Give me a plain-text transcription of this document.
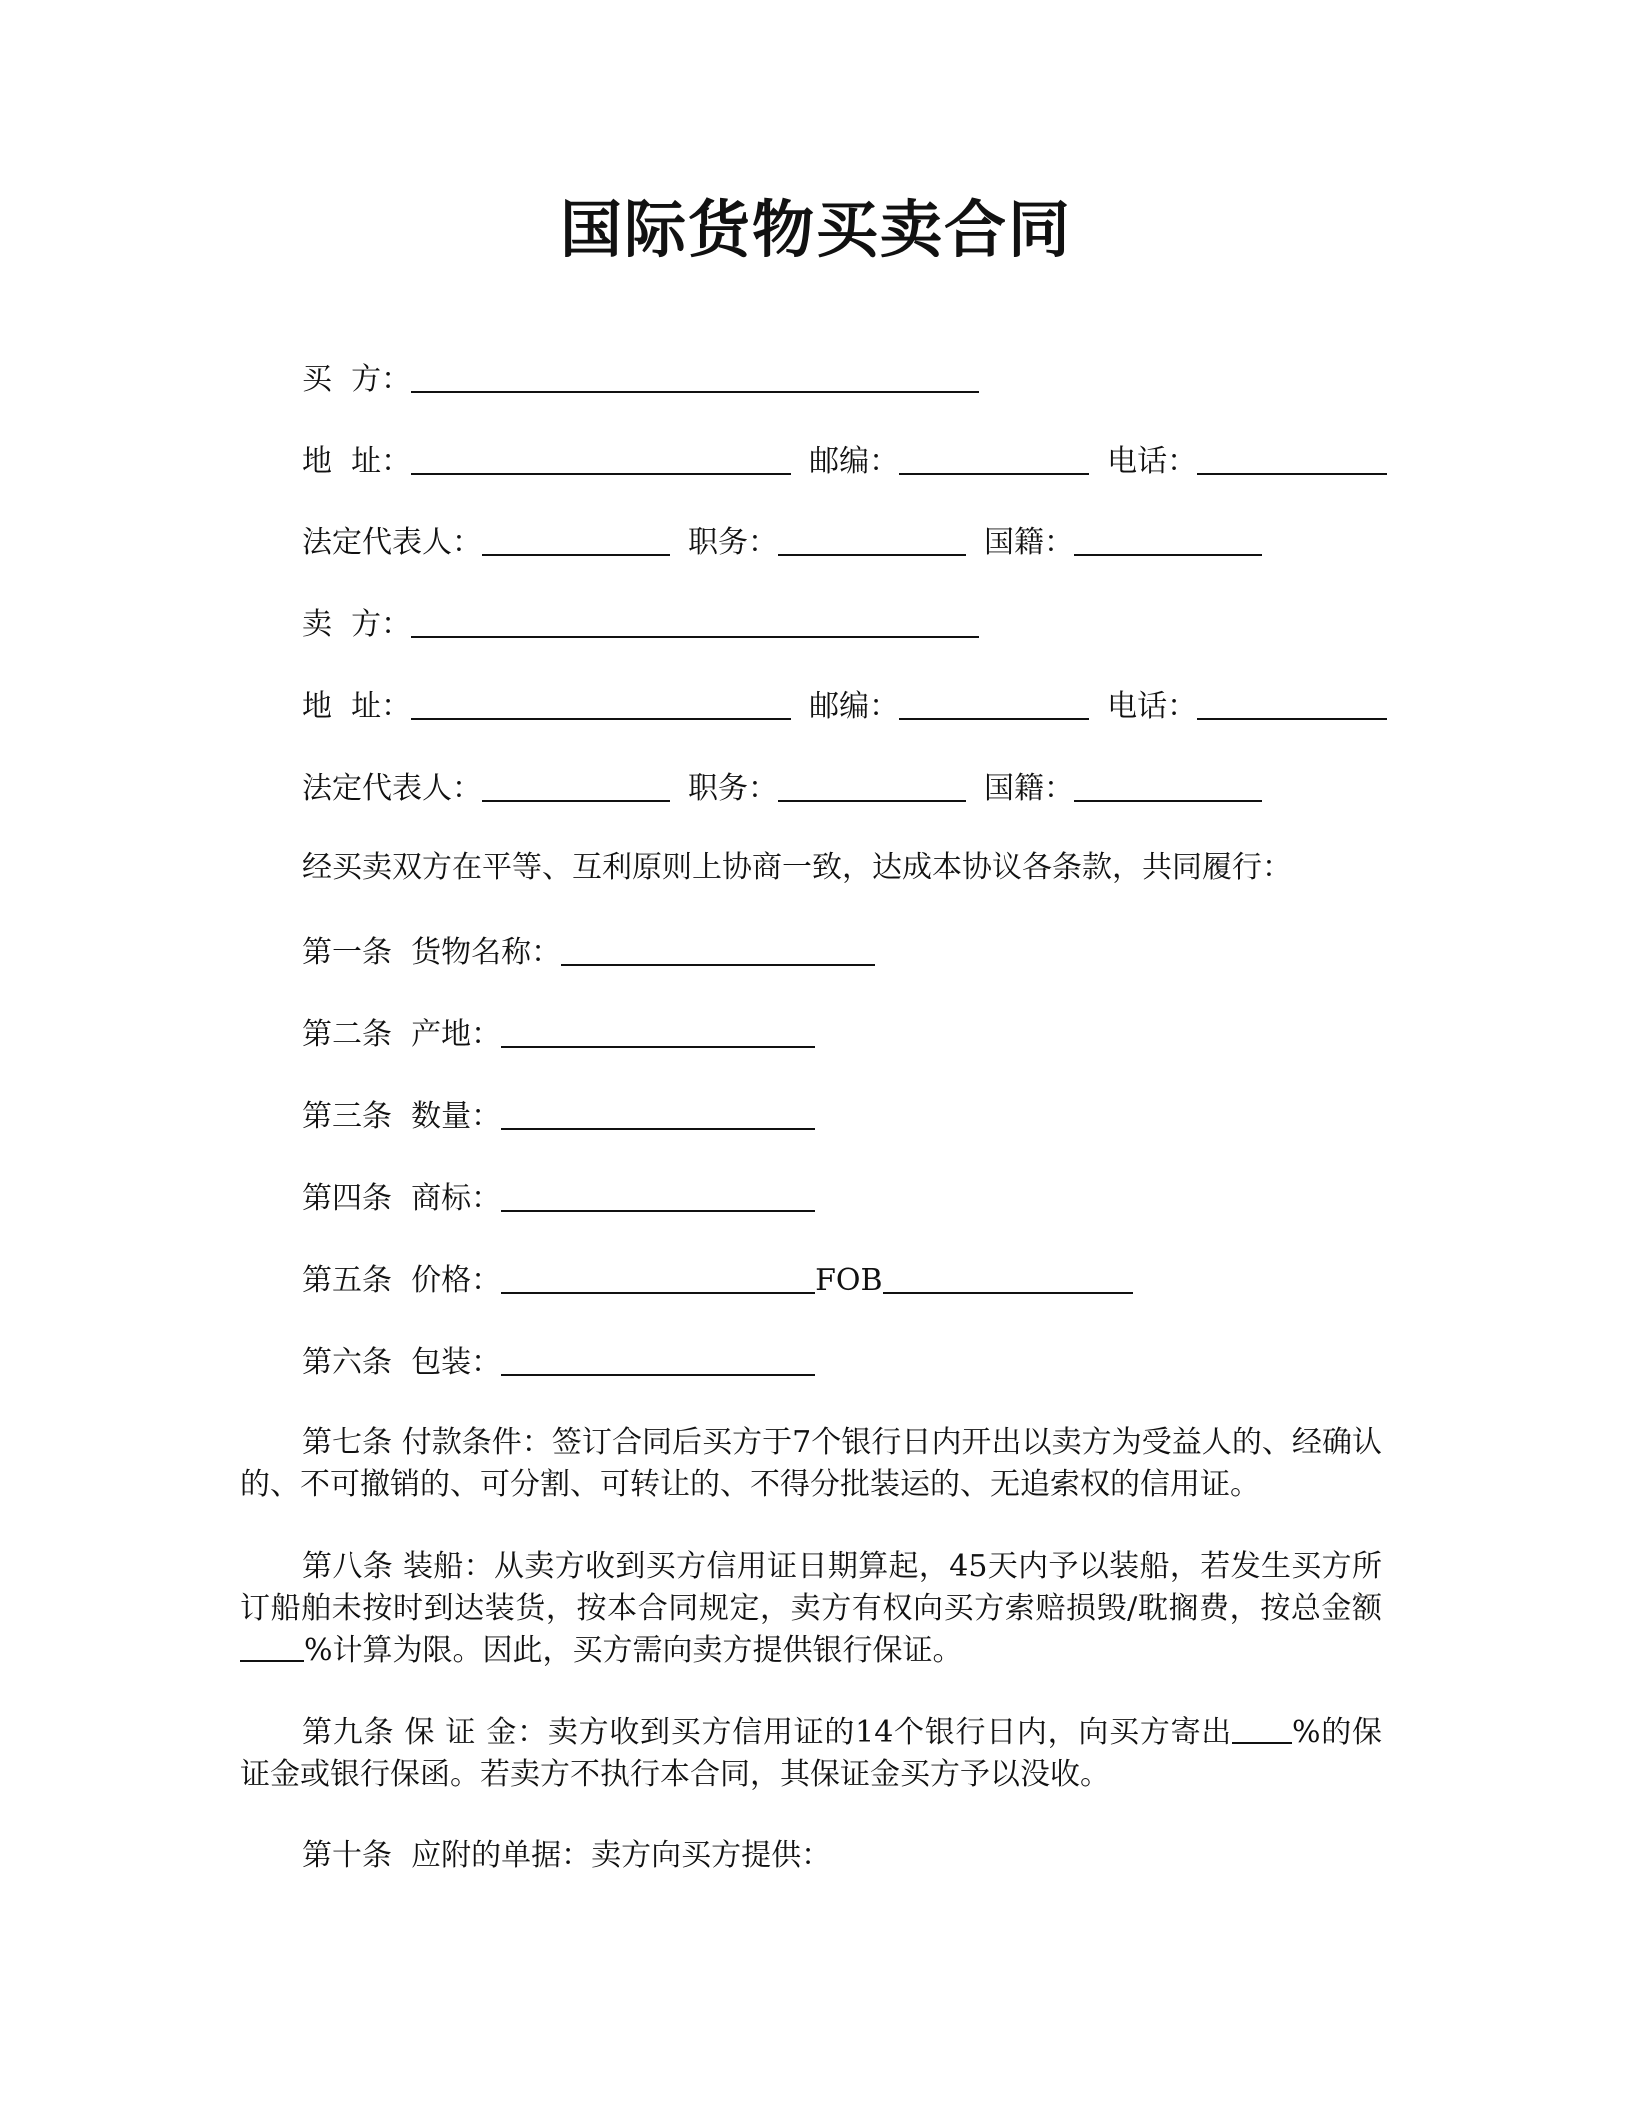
国际货物买卖合同
买  方：
地  址：	邮编：	电话：
法定代表人：	职务：	国籍：
卖  方：
地  址：	邮编：	电话：
法定代表人：	职务：	国籍：
经买卖双方在平等、互利原则上协商一致，达成本协议各条款，共同履行：
第一条  货物名称：
第二条  产地：
第三条  数量：
第四条  商标：
第五条  价格：	FOB
第六条  包装：

第七条 付款条件：签订合同后买方于7个银行日内开出以卖方为受益人的、经确认的、不可撤销的、可分割、可转让的、不得分批装运的、无追索权的信用证。

第八条 装船：从卖方收到买方信用证日期算起，45天内予以装船，若发生买方所订船舶未按时到达装货，按本合同规定，卖方有权向买方索赔损毁/耽搁费，按总金额%计算为限。因此，买方需向卖方提供银行保证。

第九条 保 证 金：卖方收到买方信用证的14个银行日内，向买方寄出 %的保证金或银行保函。若卖方不执行本合同，其保证金买方予以没收。

第十条  应附的单据：卖方向买方提供：
